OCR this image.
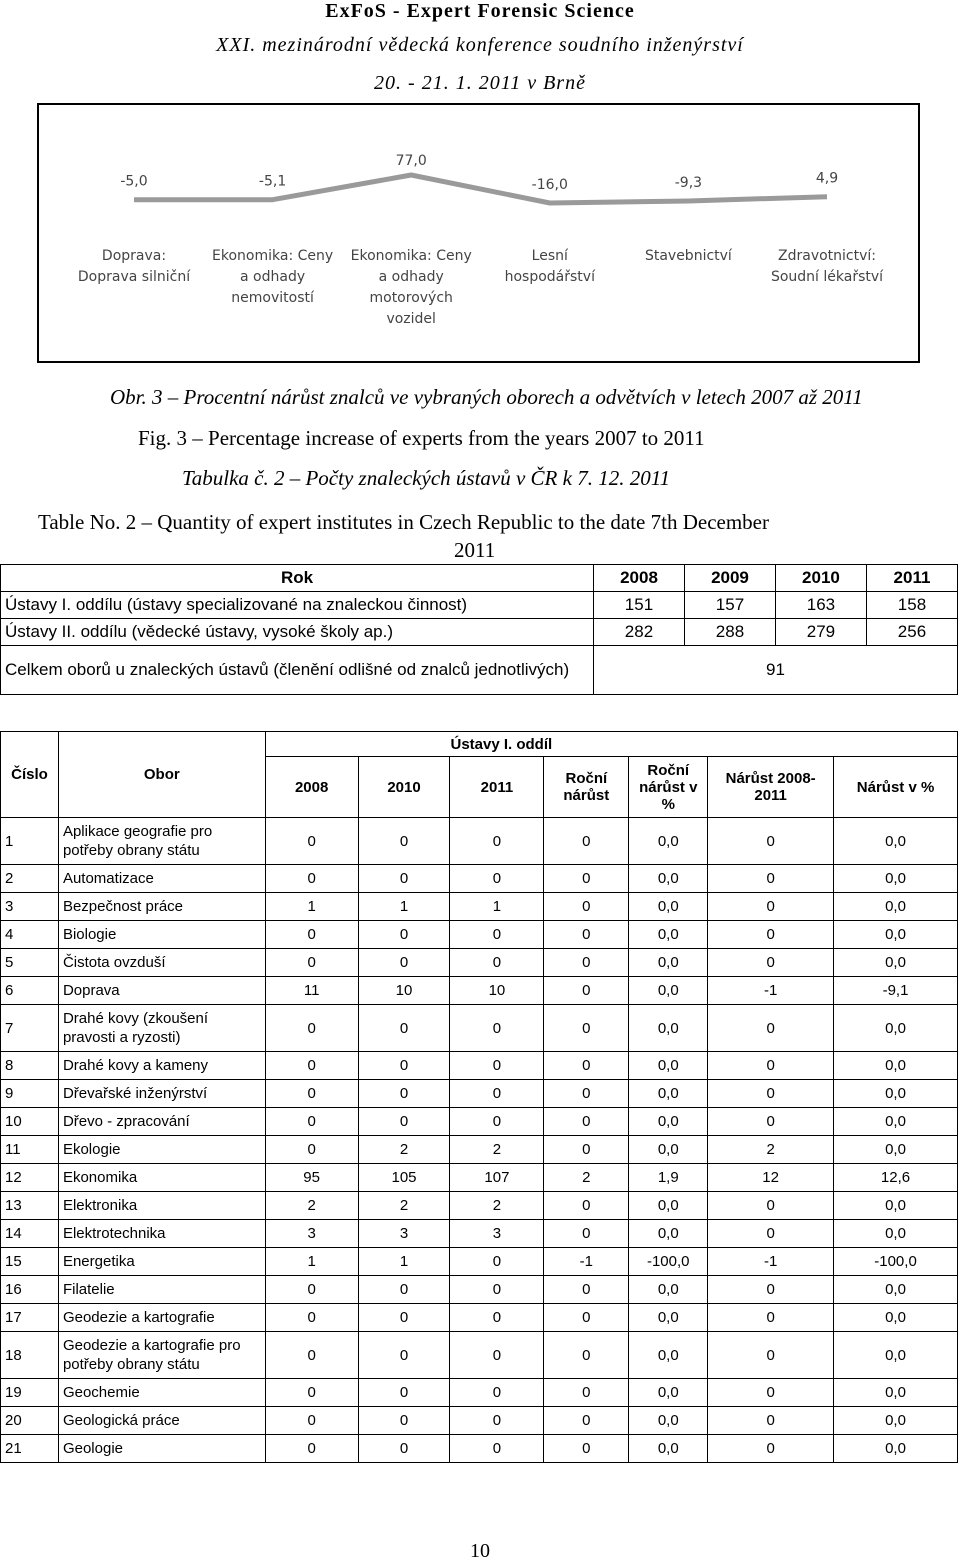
ExFoS - Expert Forensic Science
XXI. mezinárodní vědecká konference soudního inženýrství
20. - 21. 1. 2011 v Brně
-5,0
Doprava:
Doprava silniční
-5,1
Ekonomika: Ceny
a odhady
nemovitostí
77,0
Ekonomika: Ceny
a odhady
motorových
vozidel
-16,0
Lesní
hospodářství
-9,3
Stavebnictví
4,9
Zdravotnictví:
Soudní lékařství
Obr. 3 – Procentní nárůst znalců ve vybraných oborech a odvětvích v letech 2007 až 2011
Fig. 3 – Percentage increase of experts from the years 2007 to 2011
Tabulka č. 2 – Počty znaleckých ústavů v ČR k 7. 12. 2011
Table No. 2 – Quantity of expert institutes in Czech Republic to the date 7th December
2011
Rok	2008	2009	2010	2011
Ústavy I. oddílu (ústavy specializované na znaleckou činnost)	151	157	163	158
Ústavy II. oddílu (vědecké ústavy, vysoké školy ap.)	282	288	279	256
Celkem oborů u znaleckých ústavů (členění odlišné od znalců jednotlivých)	91			
Číslo	Obor	Ústavy I. oddíl						
		2008	2010	2011	Roční nárůst	Roční nárůst v %	Nárůst 2008-2011	Nárůst v %
1	Aplikace geografie pro potřeby obrany státu	0	0	0	0	0,0	0	0,0
2	Automatizace	0	0	0	0	0,0	0	0,0
3	Bezpečnost práce	1	1	1	0	0,0	0	0,0
4	Biologie	0	0	0	0	0,0	0	0,0
5	Čistota ovzduší	0	0	0	0	0,0	0	0,0
6	Doprava	11	10	10	0	0,0	-1	-9,1
7	Drahé kovy (zkoušení pravosti a ryzosti)	0	0	0	0	0,0	0	0,0
8	Drahé kovy a kameny	0	0	0	0	0,0	0	0,0
9	Dřevařské inženýrství	0	0	0	0	0,0	0	0,0
10	Dřevo - zpracování	0	0	0	0	0,0	0	0,0
11	Ekologie	0	2	2	0	0,0	2	0,0
12	Ekonomika	95	105	107	2	1,9	12	12,6
13	Elektronika	2	2	2	0	0,0	0	0,0
14	Elektrotechnika	3	3	3	0	0,0	0	0,0
15	Energetika	1	1	0	-1	-100,0	-1	-100,0
16	Filatelie	0	0	0	0	0,0	0	0,0
17	Geodezie a kartografie	0	0	0	0	0,0	0	0,0
18	Geodezie a kartografie pro potřeby obrany státu	0	0	0	0	0,0	0	0,0
19	Geochemie	0	0	0	0	0,0	0	0,0
20	Geologická práce	0	0	0	0	0,0	0	0,0
21	Geologie	0	0	0	0	0,0	0	0,0
10
